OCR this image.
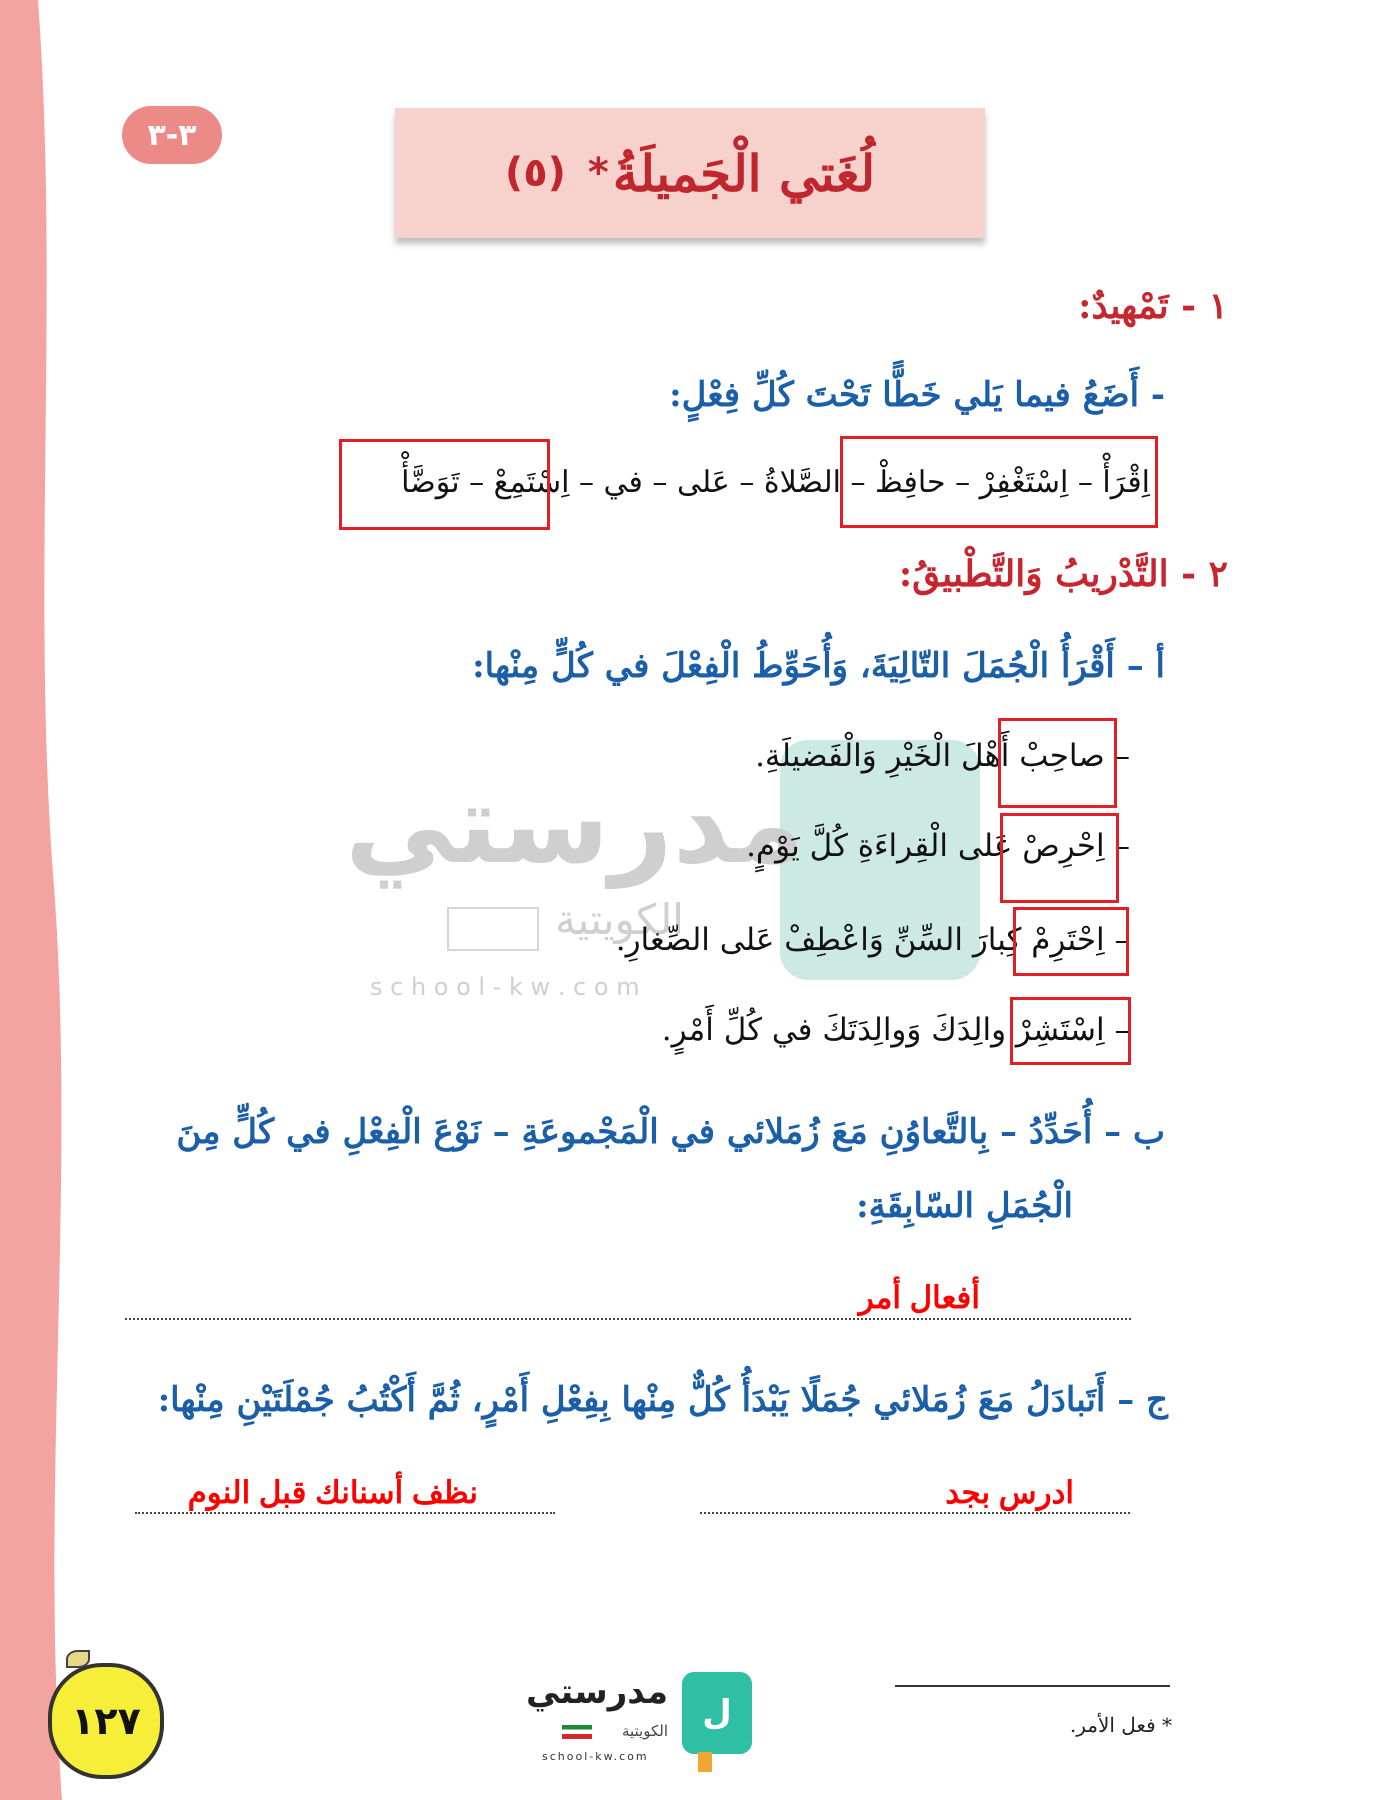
٣-٣
لُغَتي الْجَميلَةُ
*
(٥)
مدرستي
الكويتية
s c h o o l - k w . c o m
١ - تَمْهيدٌ:
- أَضَعُ فيما يَلي خَطًّا تَحْتَ كُلِّ فِعْلٍ:
اِقْرَأْ – اِسْتَغْفِرْ – حافِظْ – الصَّلاةُ – عَلى – في – اِسْتَمِعْ – تَوَضَّأْ
٢ - التَّدْريبُ وَالتَّطْبيقُ:
أ – أَقْرَأُ الْجُمَلَ التّالِيَةَ، وَأُحَوِّطُ الْفِعْلَ في كُلٍّ مِنْها:
– صاحِبْ أَهْلَ الْخَيْرِ وَالْفَضيلَةِ.
– اِحْرِصْ عَلى الْقِراءَةِ كُلَّ يَوْمٍ.
– اِحْتَرِمْ كِبارَ السِّنِّ وَاعْطِفْ عَلى الصِّغارِ.
– اِسْتَشِرْ والِدَكَ وَوالِدَتَكَ في كُلِّ أَمْرٍ.
ب – أُحَدِّدُ – بِالتَّعاوُنِ مَعَ زُمَلائي في الْمَجْموعَةِ – نَوْعَ الْفِعْلِ في كُلٍّ مِنَ
الْجُمَلِ السّابِقَةِ:
أفعال أمر
ج – أَتَبادَلُ مَعَ زُمَلائي جُمَلًا يَبْدَأُ كُلٌّ مِنْها بِفِعْلِ أَمْرٍ، ثُمَّ أَكْتُبُ جُمْلَتَيْنِ مِنْها:
ادرس بجد
نظف أسنانك قبل النوم
١٢٧	ل
مدرستي
الكويتية
school-kw.com
* فعل الأمر.
